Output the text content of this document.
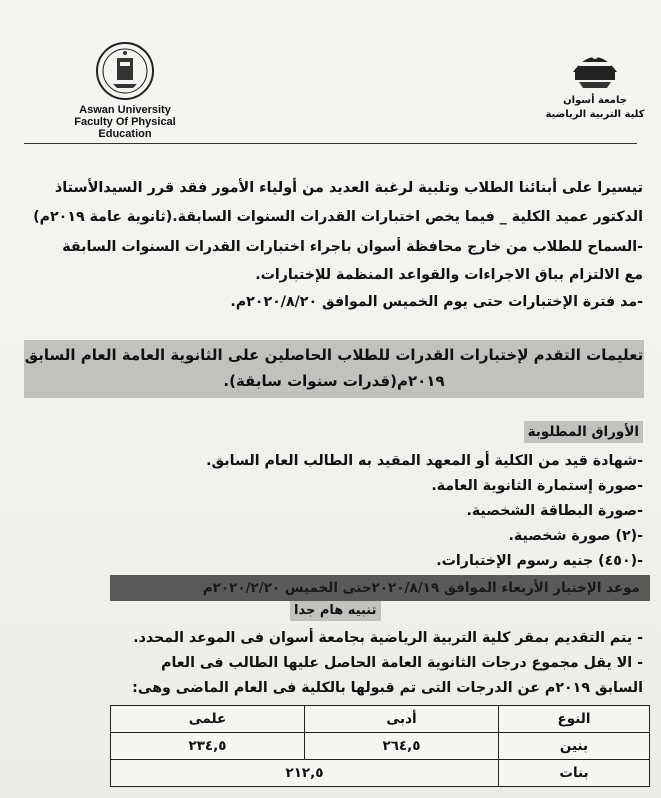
Aswan University
Faculty Of Physical Education
جامعة أسوان
كلية التربية الرياضية
تيسيرا على أبنائنا الطلاب وتلبية لرغبة العديد من أولياء الأمور فقد قرر السيدالأستاذ
الدكتور عميد الكلية _ فيما يخص اختبارات القدرات السنوات السابقة.(ثانوية عامة ٢٠١٩م)
-السماح للطلاب من خارج محافظة أسوان باجراء اختبارات القدرات السنوات السابقة
مع الالتزام بباق الاجراءات والقواعد المنظمة للإختبارات.
-مد فترة الإختبارات حتى يوم الخميس الموافق ٢٠٢٠/٨/٢٠م.
تعليمات التقدم لإختبارات القدرات للطلاب الحاصلين على الثانوية العامة العام السابق
٢٠١٩م(قدرات سنوات سابقة).
الأوراق المطلوبة
-شهادة قيد من الكلية أو المعهد المقيد به الطالب العام السابق.
-صورة إستمارة الثانوية العامة.
-صورة البطاقة الشخصية.
-(٢) صورة شخصية.
-(٤٥٠) جنيه رسوم الإختبارات.
موعد الإختبار الأربعاء الموافق ٢٠٢٠/٨/١٩حتى الخميس ٢٠٢٠/٢/٢٠م
تنبيه هام جدا
- يتم التقديم بمقر كلية التربية الرياضية بجامعة أسوان فى الموعد المحدد.
- الا يقل مجموع درجات الثانوية العامة الحاصل عليها الطالب فى العام
السابق ٢٠١٩م عن الدرجات التى تم قبولها بالكلية فى العام الماضى وهى:
النوع	أدبى	علمى
بنين	٢٦٤,٥	٢٣٤,٥
بنات	٢١٢,٥	
